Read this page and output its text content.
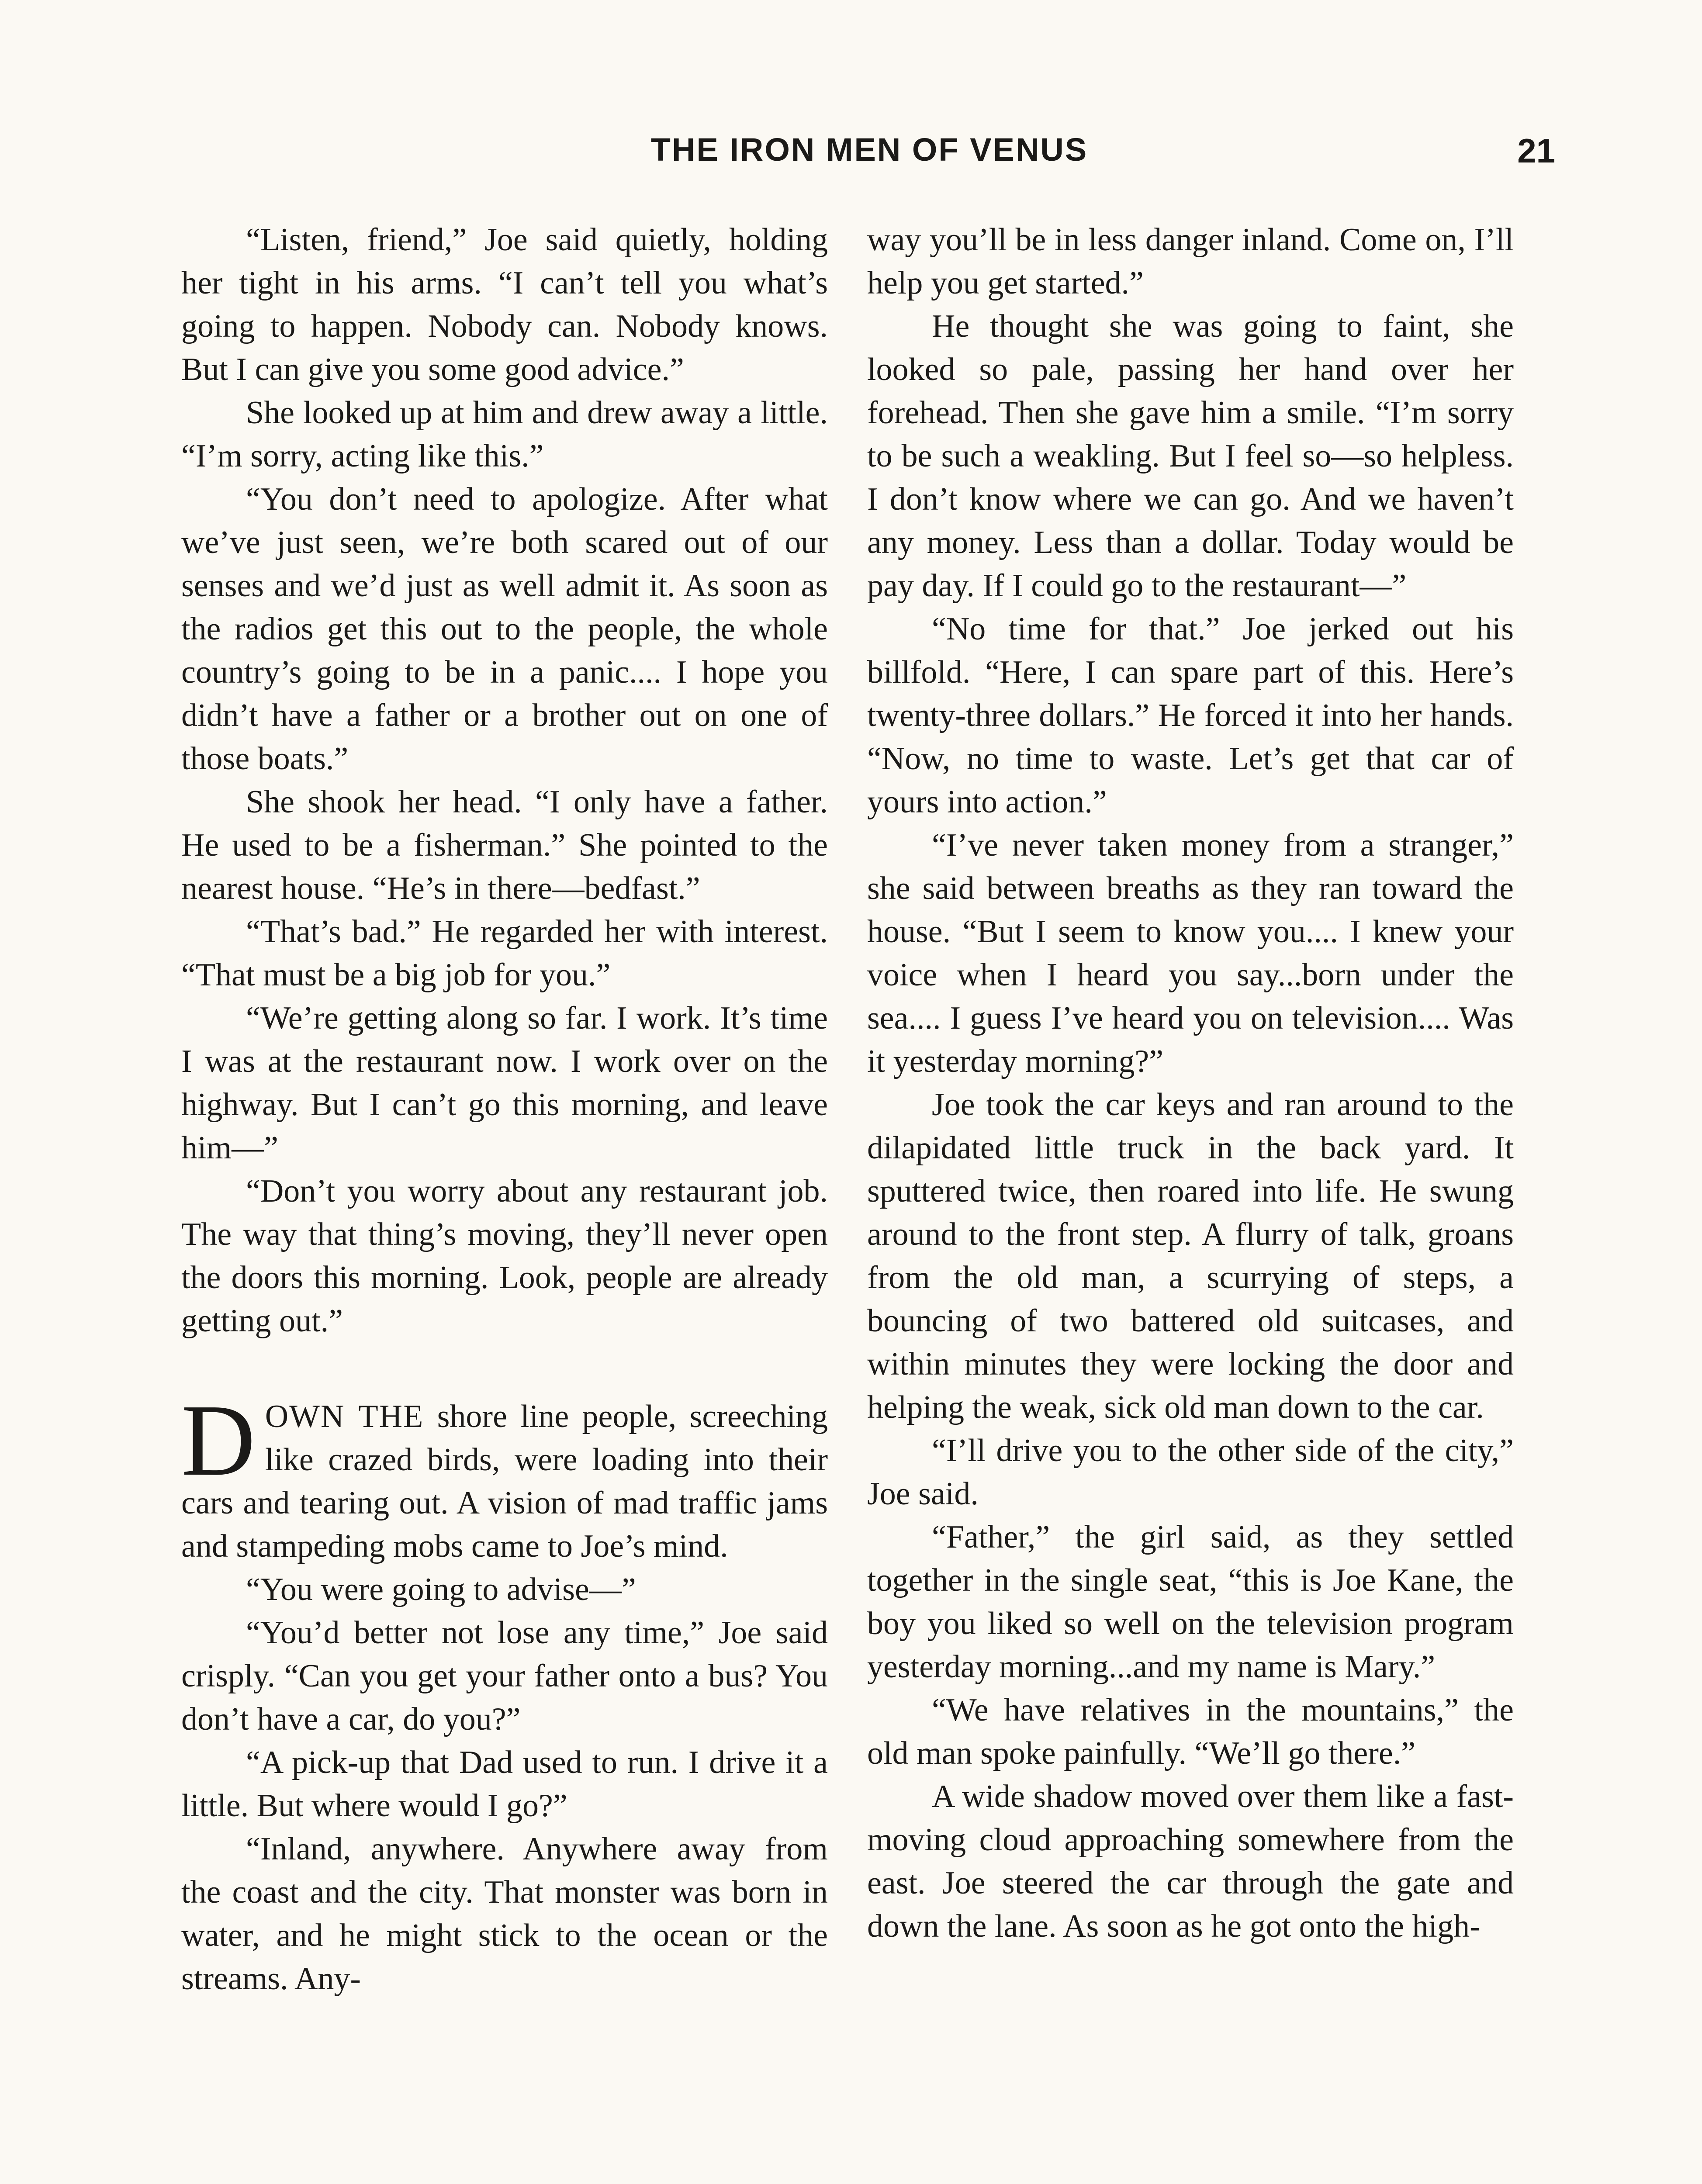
THE IRON MEN OF VENUS	21

“Listen, friend,” Joe said quietly, holding her tight in his arms. “I can’t tell you what’s going to happen. Nobody can. Nobody knows. But I can give you some good advice.”

She looked up at him and drew away a little. “I’m sorry, acting like this.”

“You don’t need to apologize. After what we’ve just seen, we’re both scared out of our senses and we’d just as well admit it. As soon as the radios get this out to the people, the whole country’s going to be in a panic.... I hope you didn’t have a father or a brother out on one of those boats.”

She shook her head. “I only have a father. He used to be a fisherman.” She pointed to the nearest house. “He’s in there—bedfast.”

“That’s bad.” He regarded her with interest. “That must be a big job for you.”

“We’re getting along so far. I work. It’s time I was at the restaurant now. I work over on the highway. But I can’t go this morning, and leave him—”

“Don’t you worry about any restaurant job. The way that thing’s moving, they’ll never open the doors this morning. Look, people are already getting out.”

DOWN THE shore line people, screeching like crazed birds, were loading into their cars and tearing out. A vision of mad traffic jams and stampeding mobs came to Joe’s mind.

“You were going to advise—”

“You’d better not lose any time,” Joe said crisply. “Can you get your father onto a bus? You don’t have a car, do you?”

“A pick-up that Dad used to run. I drive it a little. But where would I go?”

“Inland, anywhere. Anywhere away from the coast and the city. That monster was born in water, and he might stick to the ocean or the streams. Any-

way you’ll be in less danger inland. Come on, I’ll help you get started.”

He thought she was going to faint, she looked so pale, passing her hand over her forehead. Then she gave him a smile. “I’m sorry to be such a weakling. But I feel so—so helpless. I don’t know where we can go. And we haven’t any money. Less than a dollar. Today would be pay day. If I could go to the restaurant—”

“No time for that.” Joe jerked out his billfold. “Here, I can spare part of this. Here’s twenty-three dollars.” He forced it into her hands. “Now, no time to waste. Let’s get that car of yours into action.”

“I’ve never taken money from a stranger,” she said between breaths as they ran toward the house. “But I seem to know you.... I knew your voice when I heard you say...born under the sea.... I guess I’ve heard you on television.... Was it yesterday morning?”

Joe took the car keys and ran around to the dilapidated little truck in the back yard. It sputtered twice, then roared into life. He swung around to the front step. A flurry of talk, groans from the old man, a scurrying of steps, a bouncing of two battered old suitcases, and within minutes they were locking the door and helping the weak, sick old man down to the car.

“I’ll drive you to the other side of the city,” Joe said.

“Father,” the girl said, as they settled together in the single seat, “this is Joe Kane, the boy you liked so well on the television program yesterday morning...and my name is Mary.”

“We have relatives in the mountains,” the old man spoke painfully. “We’ll go there.”

A wide shadow moved over them like a fast-moving cloud approaching somewhere from the east. Joe steered the car through the gate and down the lane. As soon as he got onto the high-
